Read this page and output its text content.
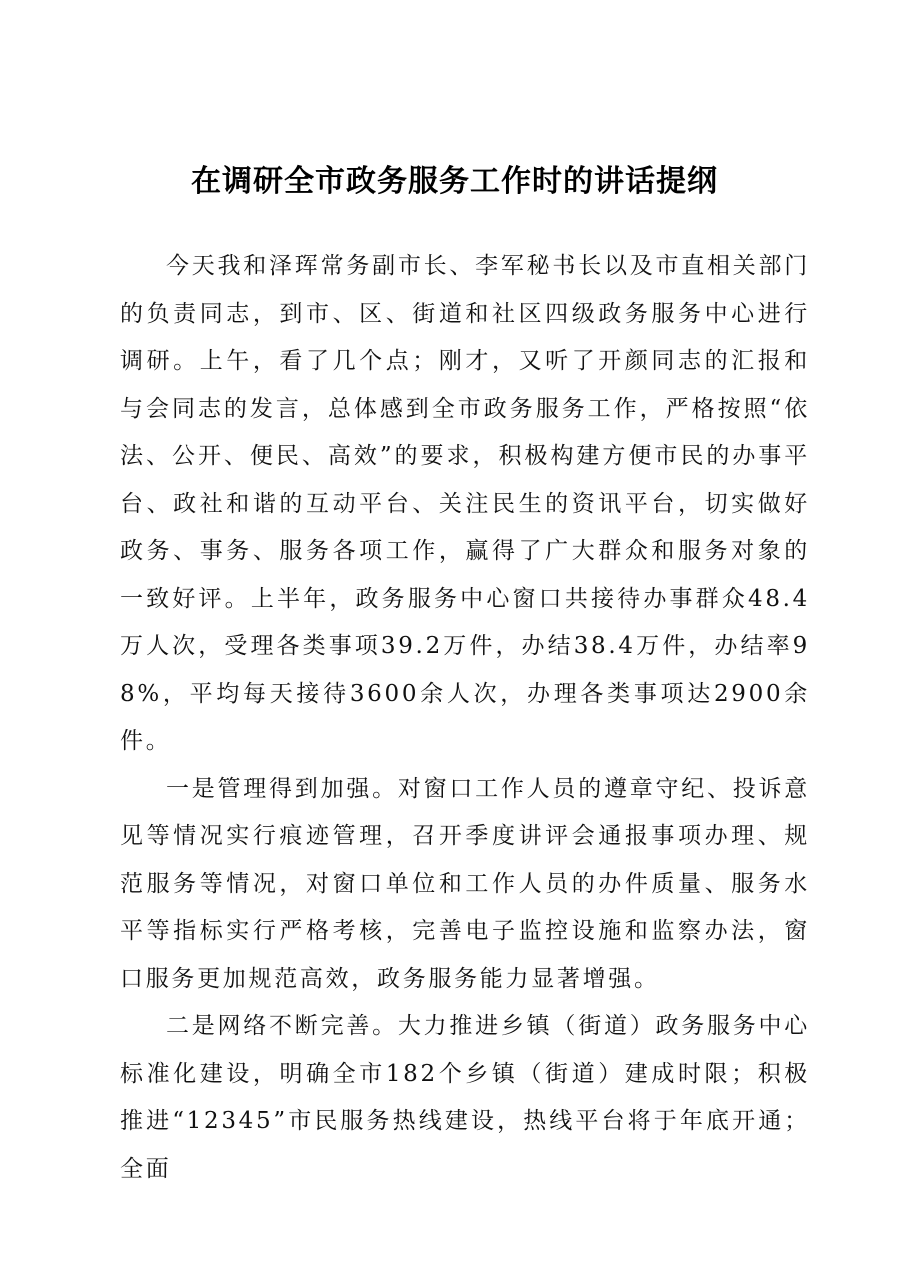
在调研全市政务服务工作时的讲话提纲

今天我和泽珲常务副市长、李军秘书长以及市直相关部门的负责同志，到市、区、街道和社区四级政务服务中心进行调研。上午，看了几个点；刚才，又听了开颜同志的汇报和与会同志的发言，总体感到全市政务服务工作，严格按照“依法、公开、便民、高效”的要求，积极构建方便市民的办事平台、政社和谐的互动平台、关注民生的资讯平台，切实做好政务、事务、服务各项工作，赢得了广大群众和服务对象的一致好评。上半年，政务服务中心窗口共接待办事群众48.4万人次，受理各类事项39.2万件，办结38.4万件，办结率98%，平均每天接待3600余人次，办理各类事项达2900余件。

一是管理得到加强。对窗口工作人员的遵章守纪、投诉意见等情况实行痕迹管理，召开季度讲评会通报事项办理、规范服务等情况，对窗口单位和工作人员的办件质量、服务水平等指标实行严格考核，完善电子监控设施和监察办法，窗口服务更加规范高效，政务服务能力显著增强。

二是网络不断完善。大力推进乡镇（街道）政务服务中心标准化建设，明确全市182个乡镇（街道）建成时限；积极推进“12345”市民服务热线建设，热线平台将于年底开通；全面
